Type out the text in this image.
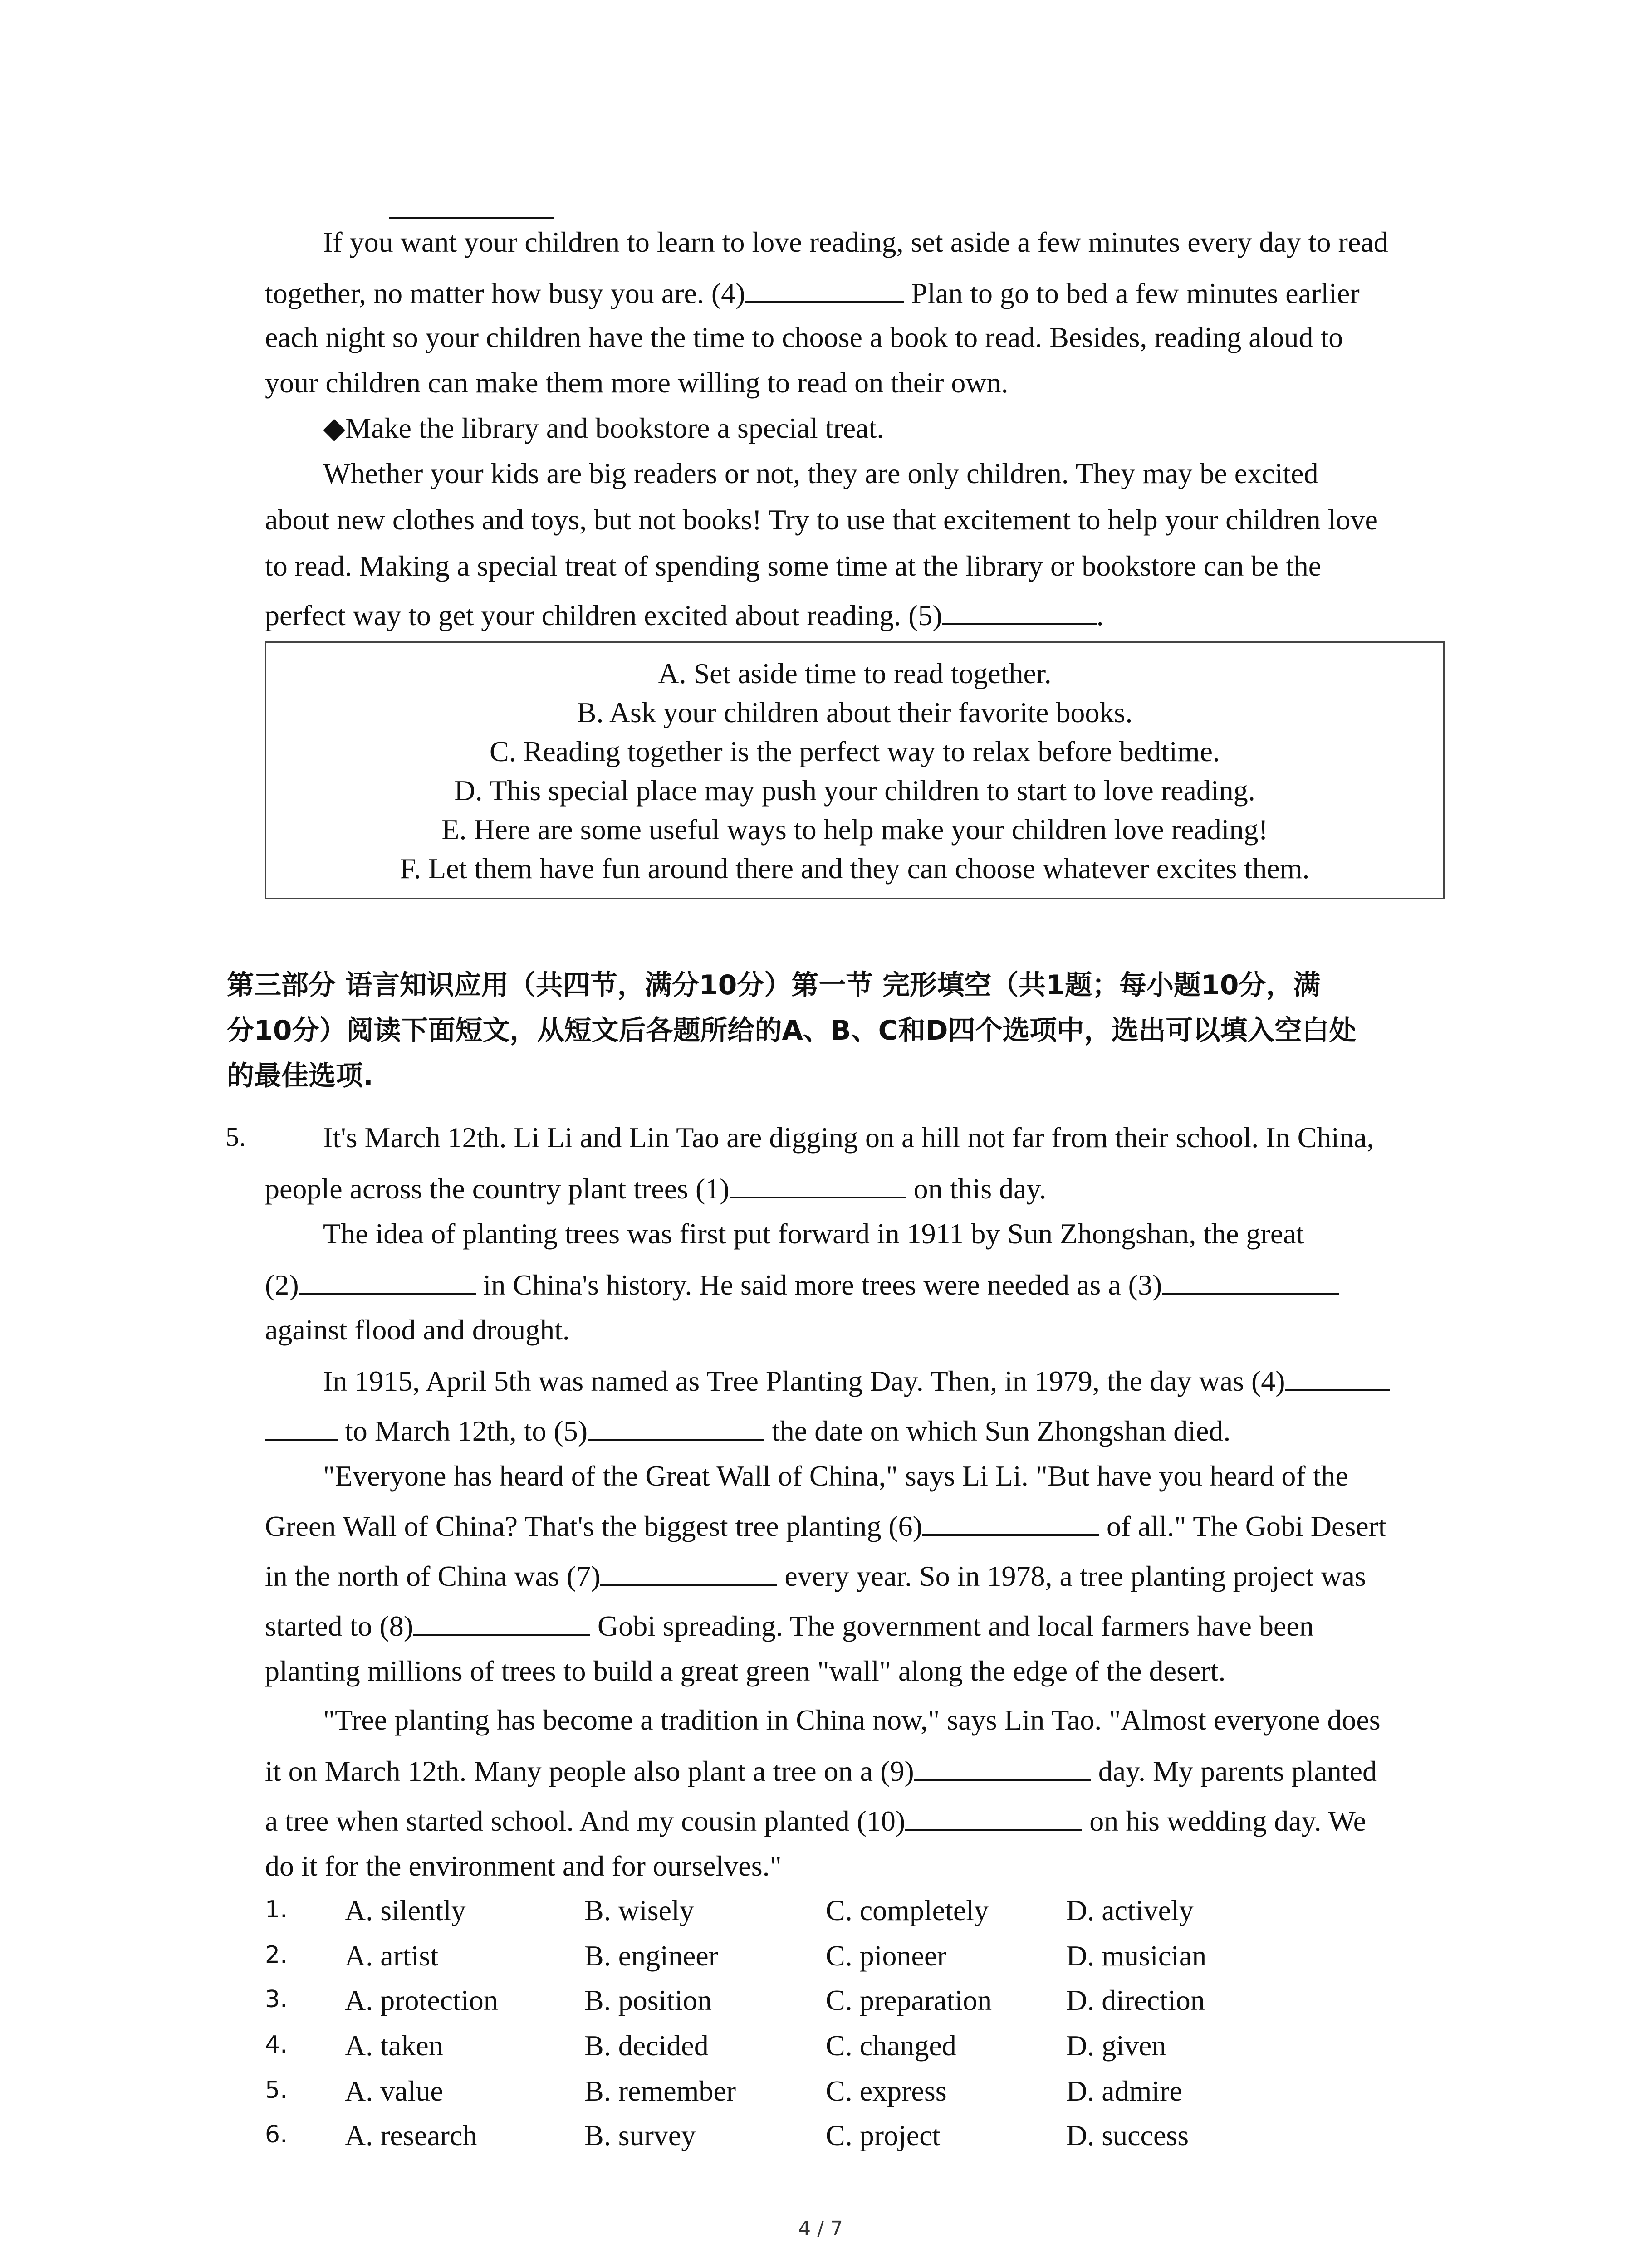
If you want your children to learn to love reading, set aside a few minutes every day to read
together, no matter how busy you are. (4)	Plan to go to bed a few minutes earlier
each night so your children have the time to choose a book to read. Besides, reading aloud to
your children can make them more willing to read on their own.
◆Make the library and bookstore a special treat.
Whether your kids are big readers or not, they are only children. They may be excited
about new clothes and toys, but not books! Try to use that excitement to help your children love
to read. Making a special treat of spending some time at the library or bookstore can be the
perfect way to get your children excited about reading. (5)	.
A. Set aside time to read together.
B. Ask your children about their favorite books.
C. Reading together is the perfect way to relax before bedtime.
D. This special place may push your children to start to love reading.
E. Here are some useful ways to help make your children love reading!
F. Let them have fun around there and they can choose whatever excites them.
第三部分 语言知识应用（共四节，满分10分）第一节 完形填空（共1题；每小题10分，满
分10分）阅读下面短文，从短文后各题所给的A、B、C和D四个选项中，选出可以填入空白处
的最佳选项.
5.	It's March 12th. Li Li and Lin Tao are digging on a hill not far from their school. In China,
people across the country plant trees (1)	on this day.
The idea of planting trees was first put forward in 1911 by Sun Zhongshan, the great
(2)	in China's history. He said more trees were needed as a (3)
against flood and drought.
In 1915, April 5th was named as Tree Planting Day. Then, in 1979, the day was (4)
to March 12th, to (5)	the date on which Sun Zhongshan died.
"Everyone has heard of the Great Wall of China," says Li Li. "But have you heard of the
Green Wall of China? That's the biggest tree planting (6)	of all." The Gobi Desert
in the north of China was (7)	every year. So in 1978, a tree planting project was
started to (8)	Gobi spreading. The government and local farmers have been
planting millions of trees to build a great green "wall" along the edge of the desert.
"Tree planting has become a tradition in China now," says Lin Tao. "Almost everyone does
it on March 12th. Many people also plant a tree on a (9)	day. My parents planted
a tree when started school. And my cousin planted (10)	on his wedding day. We
do it for the environment and for ourselves."
1. A. silently	B. wisely	C. completely	D. actively
2. A. artist	B. engineer	C. pioneer	D. musician
3. A. protection	B. position	C. preparation	D. direction
4. A. taken	B. decided	C. changed	D. given
5. A. value	B. remember	C. express	D. admire
6. A. research	B. survey	C. project	D. success
4 / 7
